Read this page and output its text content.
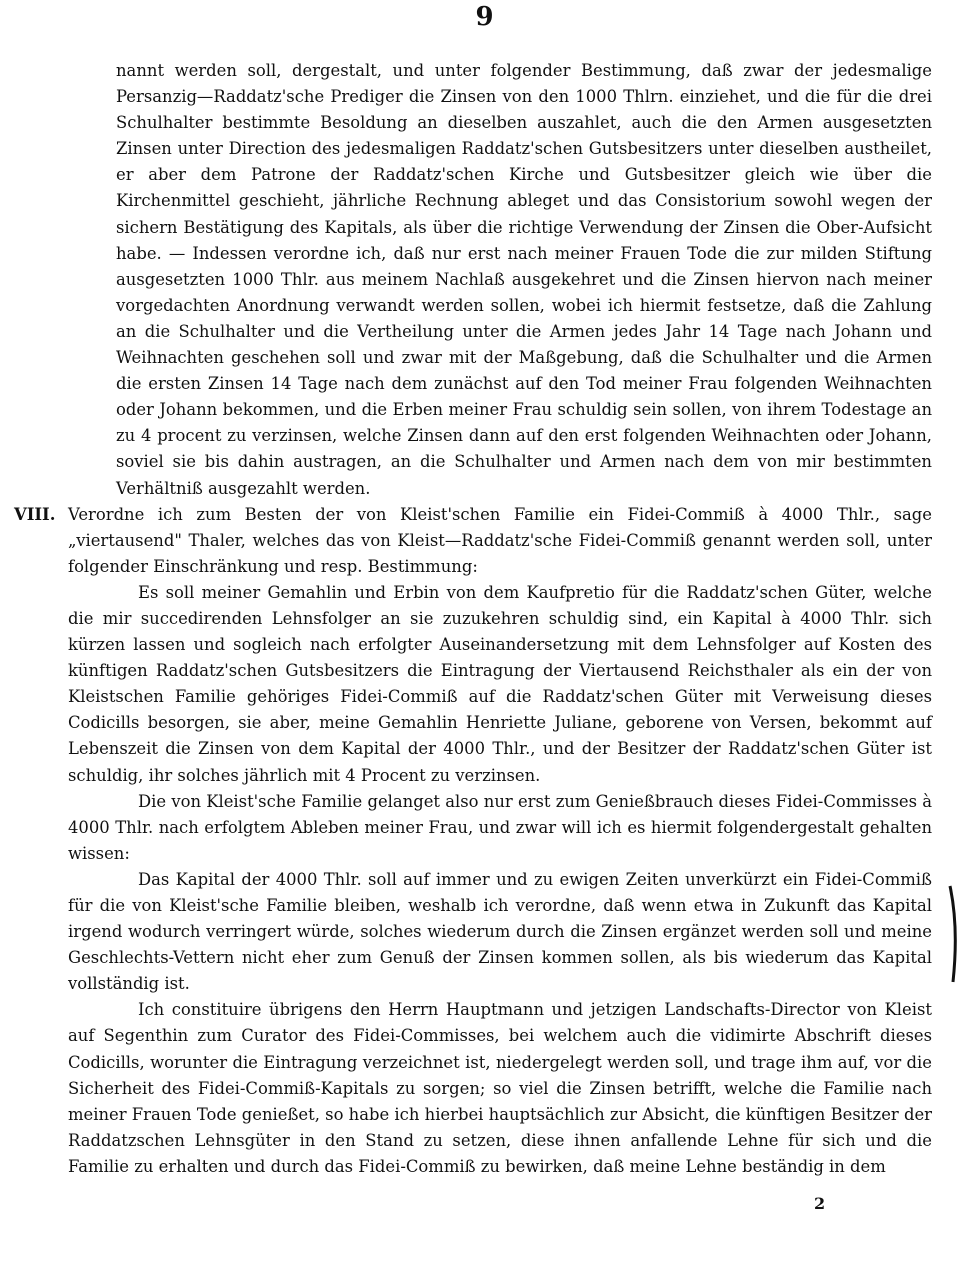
9

nannt werden soll, dergestalt, und unter folgender Bestimmung, daß zwar der jedesmalige Persanzig—Raddatz'sche Prediger die Zinsen von den 1000 Thlrn. einziehet, und die für die drei Schulhalter bestimmte Besoldung an dieselben auszahlet, auch die den Armen ausgesetzten Zinsen unter Direction des jedesmaligen Raddatz'schen Gutsbesitzers unter dieselben austheilet, er aber dem Patrone der Raddatz'schen Kirche und Gutsbesitzer gleich wie über die Kirchenmittel geschieht, jährliche Rechnung ableget und das Consistorium sowohl wegen der sichern Bestätigung des Kapitals, als über die richtige Verwendung der Zinsen die Ober-Aufsicht habe. — Indessen verordne ich, daß nur erst nach meiner Frauen Tode die zur milden Stiftung ausgesetzten 1000 Thlr. aus meinem Nachlaß ausgekehret und die Zinsen hiervon nach meiner vorgedachten Anordnung verwandt werden sollen, wobei ich hiermit festsetze, daß die Zahlung an die Schulhalter und die Vertheilung unter die Armen jedes Jahr 14 Tage nach Johann und Weihnachten geschehen soll und zwar mit der Maßgebung, daß die Schulhalter und die Armen die ersten Zinsen 14 Tage nach dem zunächst auf den Tod meiner Frau folgenden Weihnachten oder Johann bekommen, und die Erben meiner Frau schuldig sein sollen, von ihrem Todestage an zu 4 procent zu verzinsen, welche Zinsen dann auf den erst folgenden Weihnachten oder Johann, soviel sie bis dahin austragen, an die Schulhalter und Armen nach dem von mir bestimmten Verhältniß ausgezahlt werden.

VIII. Verordne ich zum Besten der von Kleist'schen Familie ein Fidei-Commiß à 4000 Thlr., sage „viertausend" Thaler, welches das von Kleist—Raddatz'sche Fidei-Commiß genannt werden soll, unter folgender Einschränkung und resp. Bestimmung:

Es soll meiner Gemahlin und Erbin von dem Kaufpretio für die Raddatz'schen Güter, welche die mir succedirenden Lehnsfolger an sie zuzukehren schuldig sind, ein Kapital à 4000 Thlr. sich kürzen lassen und sogleich nach erfolgter Auseinandersetzung mit dem Lehnsfolger auf Kosten des künftigen Raddatz'schen Gutsbesitzers die Eintragung der Viertausend Reichsthaler als ein der von Kleistschen Familie gehöriges Fidei-Commiß auf die Raddatz'schen Güter mit Verweisung dieses Codicills besorgen, sie aber, meine Gemahlin Henriette Juliane, geborene von Versen, bekommt auf Lebenszeit die Zinsen von dem Kapital der 4000 Thlr., und der Besitzer der Raddatz'schen Güter ist schuldig, ihr solches jährlich mit 4 Procent zu verzinsen.

Die von Kleist'sche Familie gelanget also nur erst zum Genießbrauch dieses Fidei-Commisses à 4000 Thlr. nach erfolgtem Ableben meiner Frau, und zwar will ich es hiermit folgendergestalt gehalten wissen:

Das Kapital der 4000 Thlr. soll auf immer und zu ewigen Zeiten unverkürzt ein Fidei-Commiß für die von Kleist'sche Familie bleiben, weshalb ich verordne, daß wenn etwa in Zukunft das Kapital irgend wodurch verringert würde, solches wiederum durch die Zinsen ergänzet werden soll und meine Geschlechts-Vettern nicht eher zum Genuß der Zinsen kommen sollen, als bis wiederum das Kapital vollständig ist.

Ich constituire übrigens den Herrn Hauptmann und jetzigen Landschafts-Director von Kleist auf Segenthin zum Curator des Fidei-Commisses, bei welchem auch die vidimirte Abschrift dieses Codicills, worunter die Eintragung verzeichnet ist, niedergelegt werden soll, und trage ihm auf, vor die Sicherheit des Fidei-Commiß-Kapitals zu sorgen; so viel die Zinsen betrifft, welche die Familie nach meiner Frauen Tode genießet, so habe ich hierbei hauptsächlich zur Absicht, die künftigen Besitzer der Raddatzschen Lehnsgüter in den Stand zu setzen, diese ihnen anfallende Lehne für sich und die Familie zu erhalten und durch das Fidei-Commiß zu bewirken, daß meine Lehne beständig in dem

2
